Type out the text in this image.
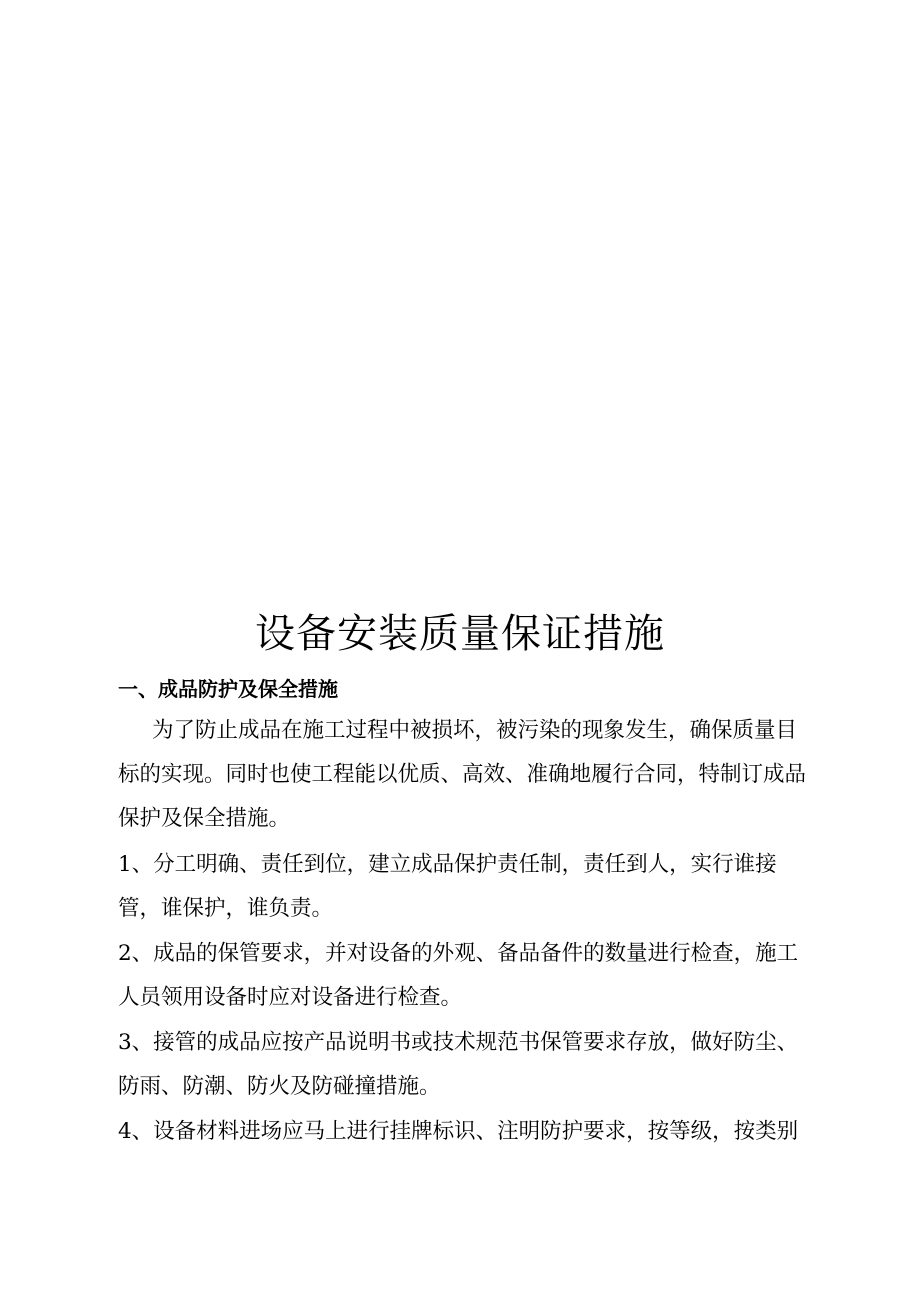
设备安装质量保证措施
一、成品防护及保全措施

为了防止成品在施工过程中被损坏，被污染的现象发生，确保质量目

标的实现。同时也使工程能以优质、高效、准确地履行合同，特制订成品

保护及保全措施。

1、分工明确、责任到位，建立成品保护责任制，责任到人，实行谁接

管，谁保护，谁负责。

2、成品的保管要求，并对设备的外观、备品备件的数量进行检查，施工

人员领用设备时应对设备进行检查。

3、接管的成品应按产品说明书或技术规范书保管要求存放，做好防尘、

防雨、防潮、防火及防碰撞措施。

4、设备材料进场应马上进行挂牌标识、注明防护要求，按等级，按类别
